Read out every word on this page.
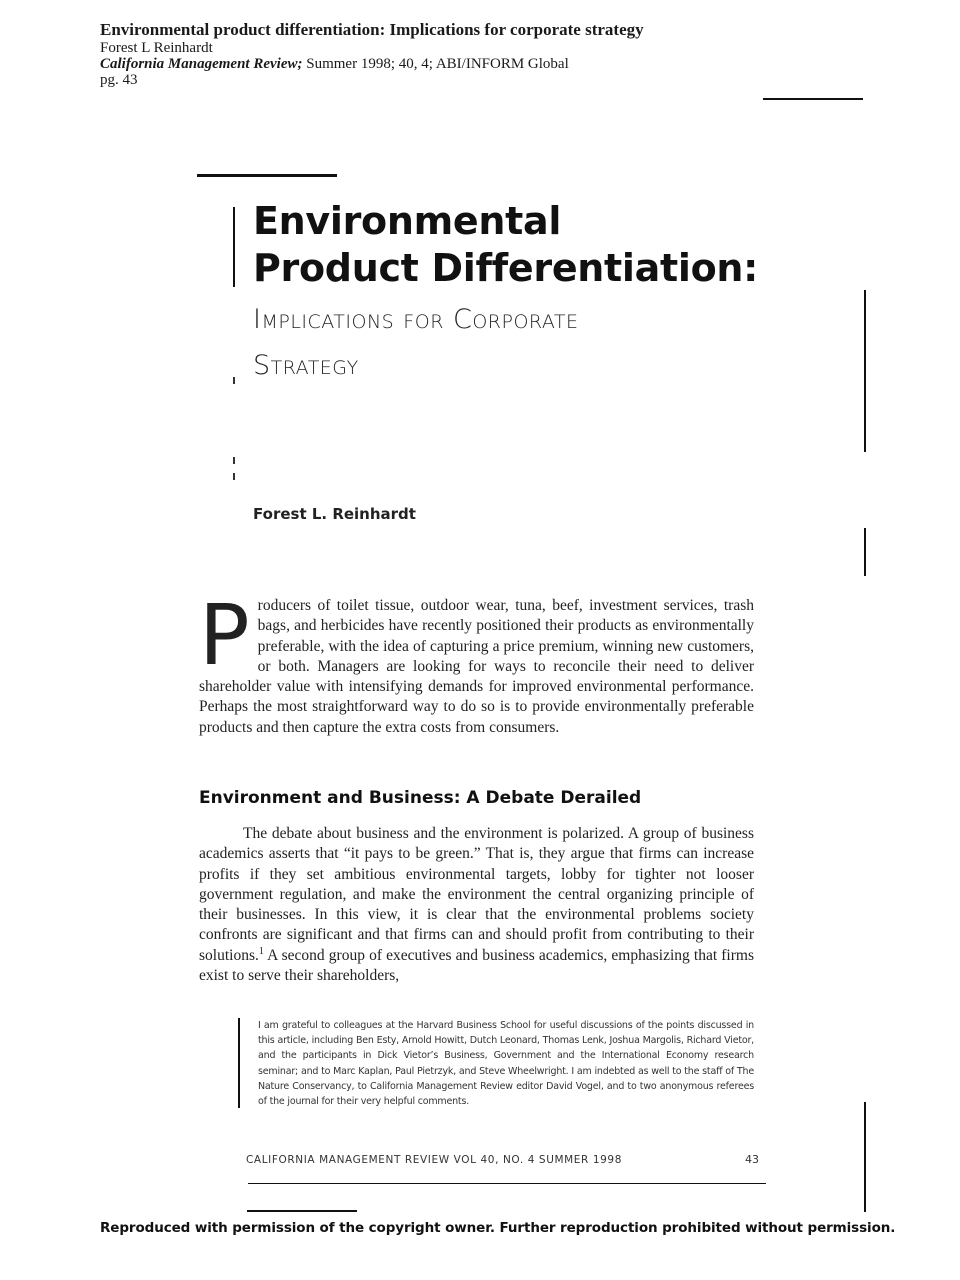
Environmental product differentiation: Implications for corporate strategy
Forest L Reinhardt
California Management Review; Summer 1998; 40, 4; ABI/INFORM Global
pg. 43
Environmental
Product Differentiation:
Implications for Corporate
Strategy
Forest L. Reinhardt
Producers of toilet tissue, outdoor wear, tuna, beef, investment services, trash bags, and herbicides have recently positioned their products as environmentally preferable, with the idea of capturing a price premium, winning new customers, or both. Managers are looking for ways to reconcile their need to deliver shareholder value with intensifying demands for improved environmental performance. Perhaps the most straightforward way to do so is to provide environmentally preferable products and then capture the extra costs from consumers.
Environment and Business: A Debate Derailed
The debate about business and the environment is polarized. A group of business academics asserts that “it pays to be green.” That is, they argue that firms can increase profits if they set ambitious environmental targets, lobby for tighter not looser government regulation, and make the environment the central organizing principle of their businesses. In this view, it is clear that the environmental problems society confronts are significant and that firms can and should profit from contributing to their solutions.$^1$ A second group of executives and business academics, emphasizing that firms exist to serve their shareholders,
I am grateful to colleagues at the Harvard Business School for useful discussions of the points discussed in this article, including Ben Esty, Arnold Howitt, Dutch Leonard, Thomas Lenk, Joshua Margolis, Richard Vietor, and the participants in Dick Vietor’s Business, Government and the International Economy research seminar; and to Marc Kaplan, Paul Pietrzyk, and Steve Wheelwright. I am indebted as well to the staff of The Nature Conservancy, to California Management Review editor David Vogel, and to two anonymous referees of the journal for their very helpful comments.
CALIFORNIA MANAGEMENT REVIEW VOL 40, NO. 4 SUMMER 1998	43
Reproduced with permission of the copyright owner. Further reproduction prohibited without permission.
